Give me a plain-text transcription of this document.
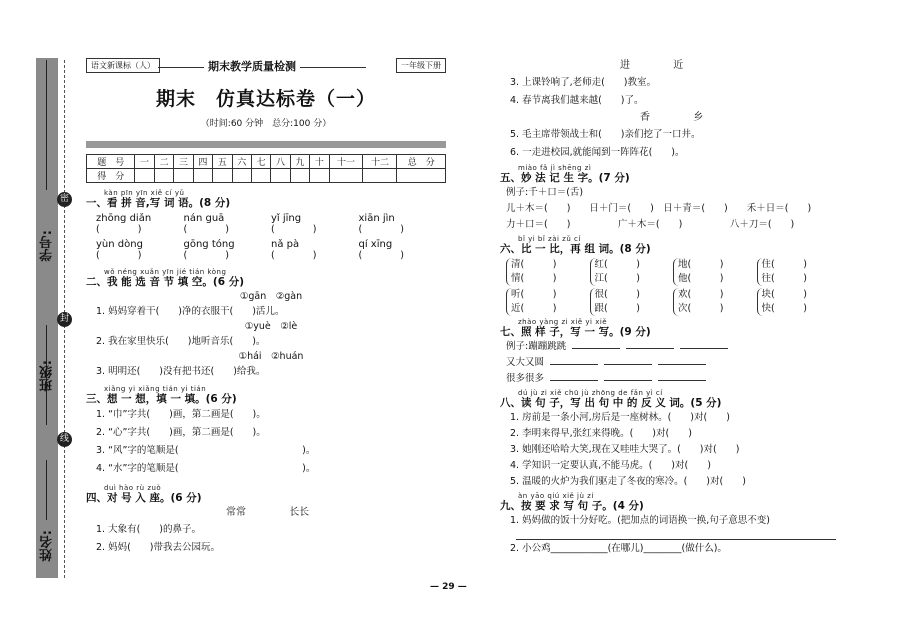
学号:
班级:
姓名:
密
封
线
语文新课标（人）	期末教学质量检测	一年级下册
期末　仿真达标卷（一）
（时间:60 分钟　总分:100 分）
题　号	一	二	三	四	五	六	七	八	九	十	十一	十二	总　分
得　分													
kàn pīn yīn xiě cí yǔ
一、看 拼 音,写 词 语。(8 分)
zhōng diǎn	nán guā	yǐ jīng	xiān jìn
(　　　　)	(　　　　)	(　　　　)	(　　　　)
yùn dòng	gōng tóng	nǎ pà	qí xīng
(　　　　)	(　　　　)	(　　　　)	(　　　　)
wǒ néng xuǎn yīn jié tián kòng
二、我 能 选 音 节 填 空。(6 分)
①gān　②gàn
1. 妈妈穿着干(　　)净的衣服干(　　)活儿。
①yuè　②lè
2. 我在家里快乐(　　)地听音乐(　　)。
①hái　②huán
3. 明明还(　　)没有把书还(　　)给我。
xiǎng yi xiǎng tián yi tián
三、想 一 想，填 一 填。(6 分)
1. “巾”字共(　　)画，第二画是(　　)。
2. “心”字共(　　)画，第二画是(　　)。
3. “风”字的笔顺是(　　　　　　　　　　　　　)。
4. “水”字的笔顺是(　　　　　　　　　　　　　)。
duì hào rù zuò
四、对 号 入 座。(6 分)
常常	长长
1. 大象有(　　)的鼻子。
2. 妈妈(　　)带我去公园玩。
进	近
3. 上课铃响了,老师走(　　)教室。
4. 春节离我们越来越(　　)了。
香	乡
5. 毛主席带领战士和(　　)亲们挖了一口井。
6. 一走进校园,就能闻到一阵阵花(　　)。
miào fǎ jì shēng zì
五、妙 法 记 生 字。(7 分)
例子:千＋口＝(舌)
儿＋木＝(　　)　　日＋门＝(　　)　日＋青＝(　　)　　禾＋日＝(　　)
力＋口＝(　　)　　　　　广＋木＝(　　)　　　　　八＋刀＝(　　)
bǐ yi bǐ zài zǔ cí
六、比 一 比，再 组 词。(8 分)
清(　　　)
情(　　　)
红(　　　)
江(　　　)
地(　　　)
他(　　　)
住(　　　)
往(　　　)
听(　　　)
近(　　　)
很(　　　)
跟(　　　)
欢(　　　)
次(　　　)
块(　　　)
快(　　　)
zhào yàng zi xiě yi xiě
七、照 样 子，写 一 写。(9 分)
例子:蹦蹦跳跳
又大又圆
很多很多
dú jù zi xiě chū jù zhōng de fǎn yì cí
八、读 句 子，写 出 句 中 的 反 义 词。(5 分)
1. 房前是一条小河,房后是一座树林。(　　)对(　　)
2. 李明来得早,张红来得晚。(　　)对(　　)
3. 她刚还哈哈大笑,现在又哇哇大哭了。(　　)对(　　)
4. 学知识一定要认真,不能马虎。(　　)对(　　)
5. 温暖的火炉为我们驱走了冬夜的寒冷。(　　)对(　　)
àn yāo qiú xiě jù zi
九、按 要 求 写 句 子。(4 分)
1. 妈妈做的饭十分好吃。(把加点的词语换一换,句子意思不变)
2. 小公鸡____________(在哪儿)________(做什么)。
— 29 —
